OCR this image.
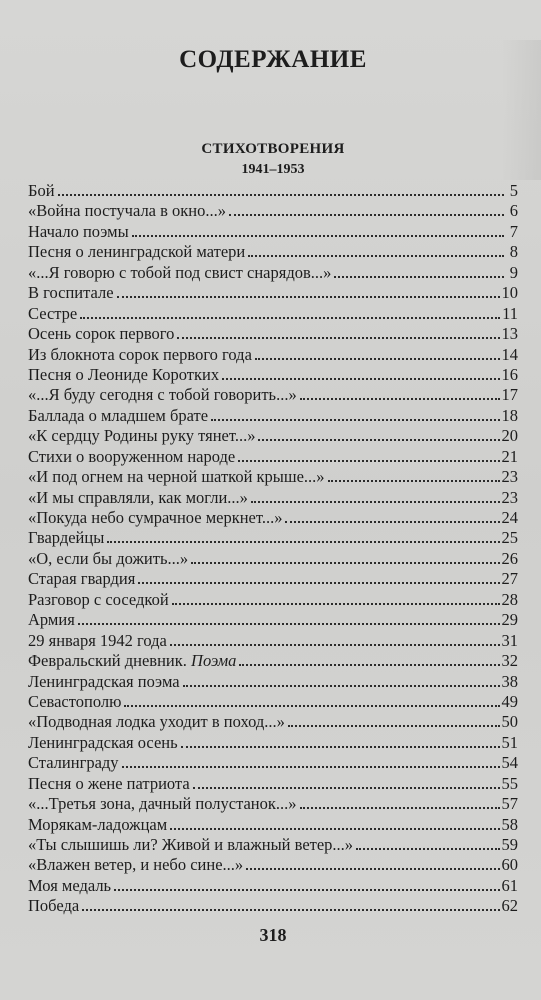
СОДЕРЖАНИЕ
СТИХОТВОРЕНИЯ
1941–1953
Бой	5
«Война постучала в окно...»	6
Начало поэмы	7
Песня о ленинградской матери	8
«...Я говорю с тобой под свист снарядов...»	9
В госпитале	10
Сестре	11
Осень сорок первого	13
Из блокнота сорок первого года	14
Песня о Леониде Коротких	16
«...Я буду сегодня с тобой говорить...»	17
Баллада о младшем брате	18
«К сердцу Родины руку тянет...»	20
Стихи о вооруженном народе	21
«И под огнем на черной шаткой крыше...»	23
«И мы справляли, как могли...»	23
«Покуда небо сумрачное меркнет...»	24
Гвардейцы	25
«О, если бы дожить...»	26
Старая гвардия	27
Разговор с соседкой	28
Армия	29
29 января 1942 года	31
Февральский дневник. Поэма	32
Ленинградская поэма	38
Севастополю	49
«Подводная лодка уходит в поход...»	50
Ленинградская осень	51
Сталинграду	54
Песня о жене патриота	55
«...Третья зона, дачный полустанок...»	57
Морякам-ладожцам	58
«Ты слышишь ли? Живой и влажный ветер...»	59
«Влажен ветер, и небо сине...»	60
Моя медаль	61
Победа	62
318
